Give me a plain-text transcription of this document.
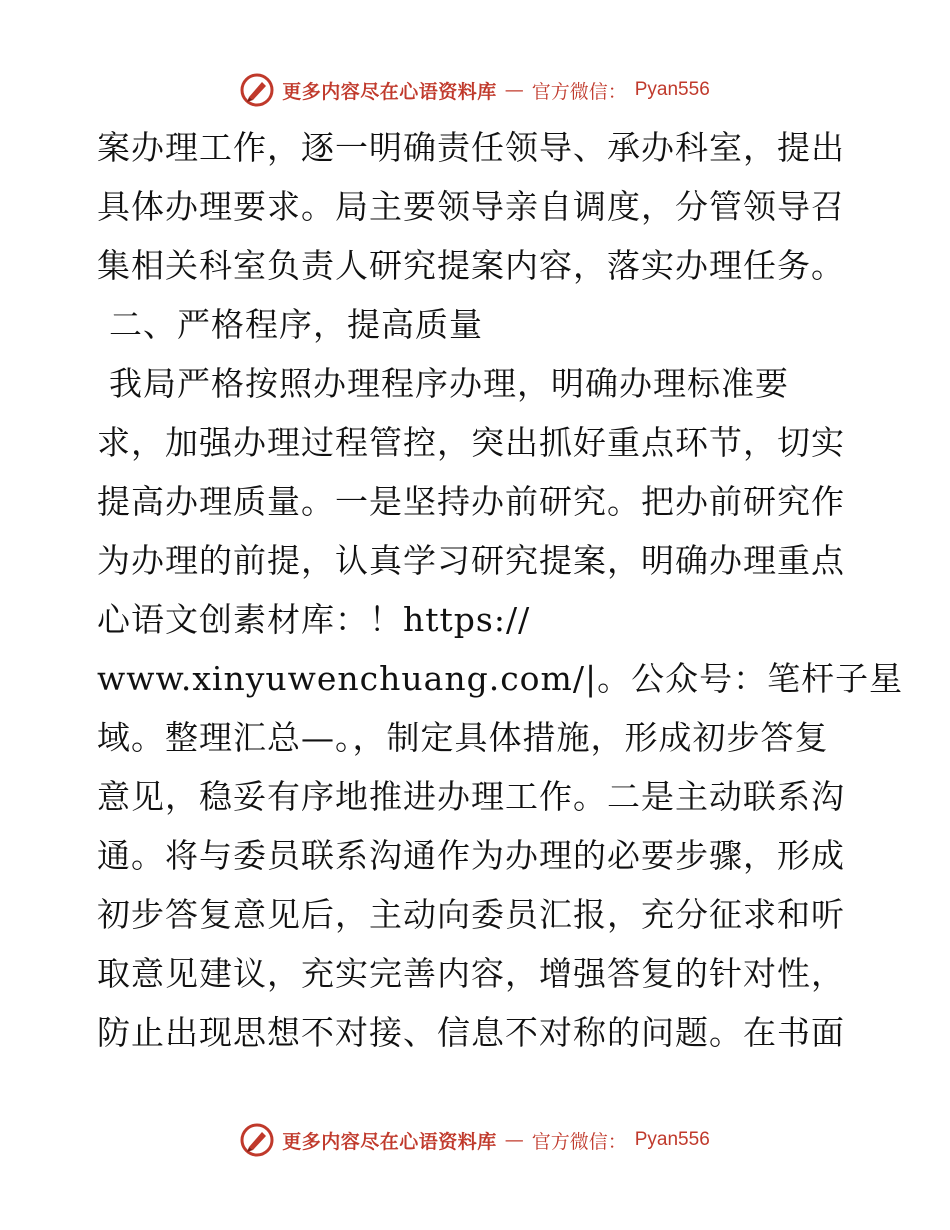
更多内容尽在心语资料库 — 官方微信： Pyan556
案办理工作，逐一明确责任领导、承办科室，提出
具体办理要求。局主要领导亲自调度，分管领导召
集相关科室负责人研究提案内容，落实办理任务。
二、严格程序，提高质量
我局严格按照办理程序办理，明确办理标准要
求，加强办理过程管控，突出抓好重点环节，切实
提高办理质量。一是坚持办前研究。把办前研究作
为办理的前提，认真学习研究提案，明确办理重点
心语文创素材库：！https://
www.xinyuwenchuang.com/|。公众号：笔杆子星
域。整理汇总—。，制定具体措施，形成初步答复
意见，稳妥有序地推进办理工作。二是主动联系沟
通。将与委员联系沟通作为办理的必要步骤，形成
初步答复意见后，主动向委员汇报，充分征求和听
取意见建议，充实完善内容，增强答复的针对性，
防止出现思想不对接、信息不对称的问题。在书面
更多内容尽在心语资料库 — 官方微信： Pyan556
